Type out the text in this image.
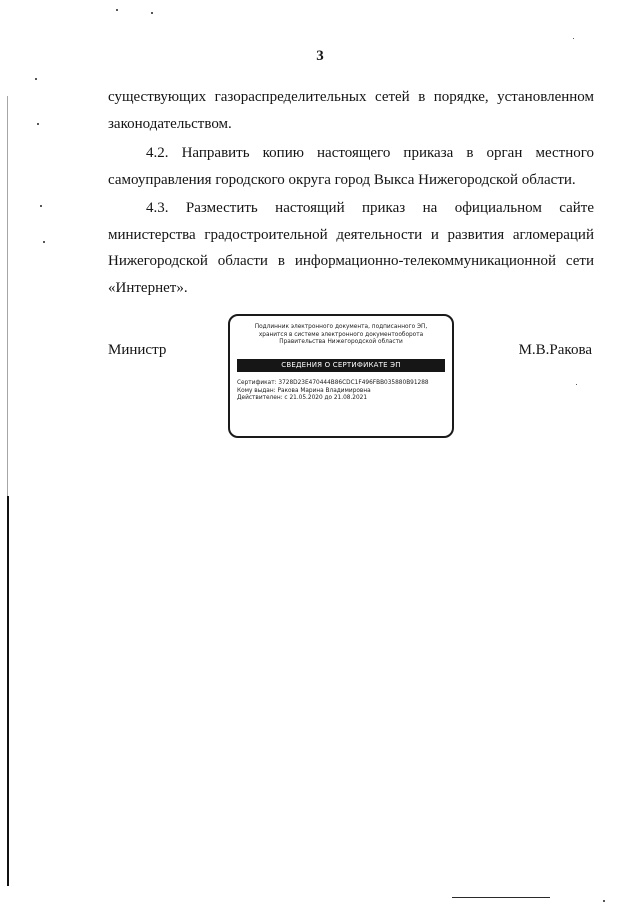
3

существующих газораспределительных сетей в порядке, установленном законодательством.

4.2. Направить копию настоящего приказа в орган местного самоуправления городского округа город Выкса Нижегородской области.

4.3. Разместить настоящий приказ на официальном сайте министерства градостроительной деятельности и развития агломераций Нижегородской области в информационно-телекоммуникационной сети «Интернет».

Министр
Подлинник электронного документа, подписанного ЭП,
хранится в системе электронного документооборота
Правительства Нижегородской области
СВЕДЕНИЯ О СЕРТИФИКАТЕ ЭП
Сертификат: 3728D23E470444B86CDC1F496FBB035880B91288
Кому выдан: Ракова Марина Владимировна
Действителен: с 21.05.2020 до 21.08.2021
М.В.Ракова
